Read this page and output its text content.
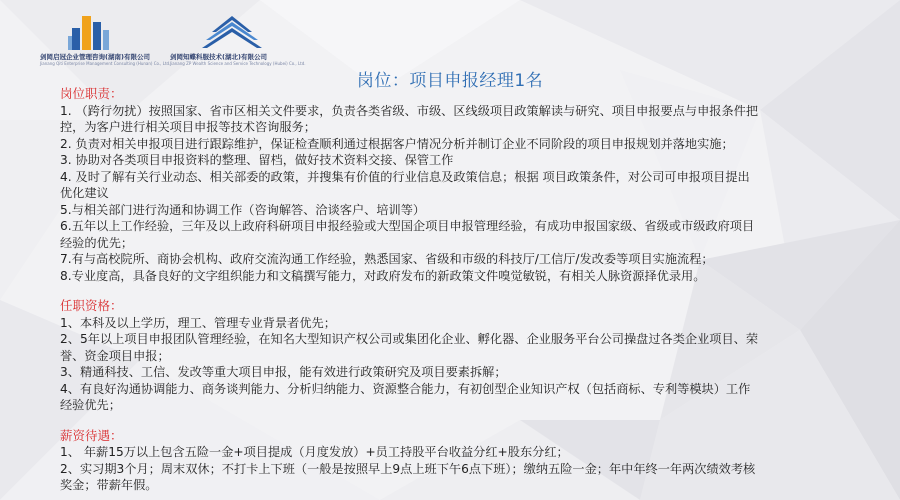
剑岡启冠企业管理咨询(湖南)有限公司
Jianang Qiti Enterprise Management Consulting (Hunan) Co., Ltd.
剑岡知蝶科服技术(湖北)有限公司
Jianang ZP Wealth Science and Service Technology (Hubei) Co., Ltd.
岗位：项目申报经理1名

岗位职责：

1. （跨行勿扰）按照国家、省市区相关文件要求，负责各类省级、市级、区线级项目政策解读与研究、项目申报要点与申报条件把

控，为客户进行相关项目申报等技术咨询服务；

2. 负责对相关申报项目进行跟踪维护，保证检查顺利通过根据客户情况分析并制订企业不同阶段的项目申报规划并落地实施；

3. 协助对各类项目申报资料的整理、留档，做好技术资料交接、保管工作

4. 及时了解有关行业动态、相关部委的政策，并搜集有价值的行业信息及政策信息；根据 项目政策条件，对公司可申报项目提出

优化建议

5.与相关部门进行沟通和协调工作（咨询解答、洽谈客户、培训等）

6.五年以上工作经验，三年及以上政府科研项目申报经验或大型国企项目申报管理经验，有成功申报国家级、省级或市级政府项目

经验的优先；

7.有与高校院所、商协会机构、政府交流沟通工作经验，熟悉国家、省级和市级的科技厅/工信厅/发改委等项目实施流程；

8.专业度高，具备良好的文字组织能力和文稿撰写能力，对政府发布的新政策文件嗅觉敏锐，有相关人脉资源择优录用。

任职资格：

1、本科及以上学历，理工、管理专业背景者优先；

2、5年以上项目申报团队管理经验，在知名大型知识产权公司或集团化企业、孵化器、企业服务平台公司操盘过各类企业项目、荣

誉、资金项目申报；

3、精通科技、工信、发改等重大项目申报，能有效进行政策研究及项目要素拆解；

4、有良好沟通协调能力、商务谈判能力、分析归纳能力、资源整合能力，有初创型企业知识产权（包括商标、专利等模块）工作

经验优先；

薪资待遇：

1、 年薪15万以上包含五险一金+项目提成（月度发放）+员工持股平台收益分红+股东分红；

2、实习期3个月；周末双休；不打卡上下班（一般是按照早上9点上班下午6点下班）；缴纳五险一金；年中年终一年两次绩效考核

奖金；带薪年假。
